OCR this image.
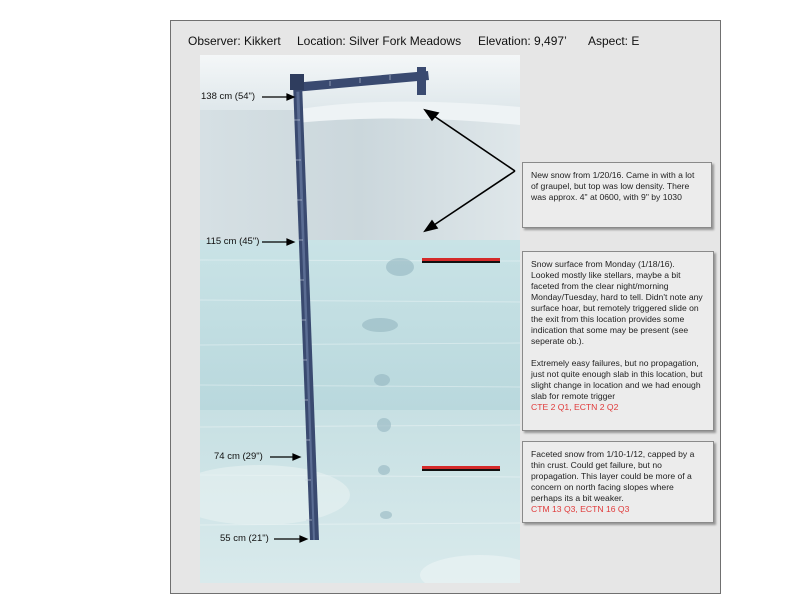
Observer: Kikkert Location: Silver Fork Meadows Elevation: 9,497’ Aspect: E
138 cm (54")
115 cm (45")
74 cm (29")
55 cm (21")

New snow from 1/20/16. Came in with a lot of graupel, but top was low density. There was approx. 4" at 0600, with 9" by 1030

Snow surface from Monday (1/18/16). Looked mostly like stellars, maybe a bit faceted from the clear night/morning Monday/Tuesday, hard to tell. Didn't note any surface hoar, but remotely triggered slide on the exit from this location provides some indication that some may be present (see seperate ob.).

Extremely easy failures, but no propagation, just not quite enough slab in this location, but slight change in location and we had enough slab for remote trigger

CTE 2 Q1, ECTN 2 Q2

Faceted snow from 1/10-1/12, capped by a thin crust. Could get failure, but no propagation. This layer could be more of a concern on north facing slopes where perhaps its a bit weaker.

CTM 13 Q3, ECTN 16 Q3
